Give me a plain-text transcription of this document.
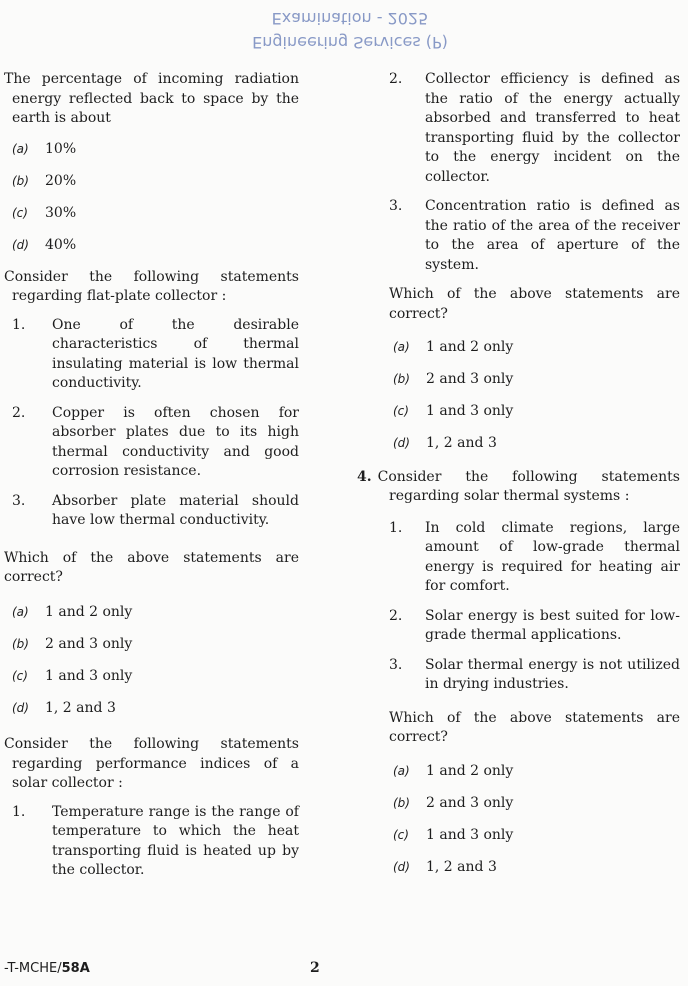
Engineering Services (P)
Examination - 2025
The percentage of incoming radiation energy reflected back to space by the earth is about
(a)	10%
(b)	20%
(c)	30%
(d)	40%
Consider the following statements regarding flat-plate collector :
1.	One of the desirable characteristics of thermal insulating material is low thermal conductivity.
2.	Copper is often chosen for absorber plates due to its high thermal conductivity and good corrosion resistance.
3.	Absorber plate material should have low thermal conductivity.
Which of the above statements are correct?
(a)	1 and 2 only
(b)	2 and 3 only
(c)	1 and 3 only
(d)	1, 2 and 3
Consider the following statements regarding performance indices of a solar collector :
1.	Temperature range is the range of temperature to which the heat transporting fluid is heated up by the collector.
2.	Collector efficiency is defined as the ratio of the energy actually absorbed and transferred to heat transporting fluid by the collector to the energy incident on the collector.
3.	Concentration ratio is defined as the ratio of the area of the receiver to the area of aperture of the system.
Which of the above statements are correct?
(a)	1 and 2 only
(b)	2 and 3 only
(c)	1 and 3 only
(d)	1, 2 and 3
4. Consider the following statements regarding solar thermal systems :
1.	In cold climate regions, large amount of low-grade thermal energy is required for heating air for comfort.
2.	Solar energy is best suited for low-grade thermal applications.
3.	Solar thermal energy is not utilized in drying industries.
Which of the above statements are correct?
(a)	1 and 2 only
(b)	2 and 3 only
(c)	1 and 3 only
(d)	1, 2 and 3
-T-MCHE/58A	2
